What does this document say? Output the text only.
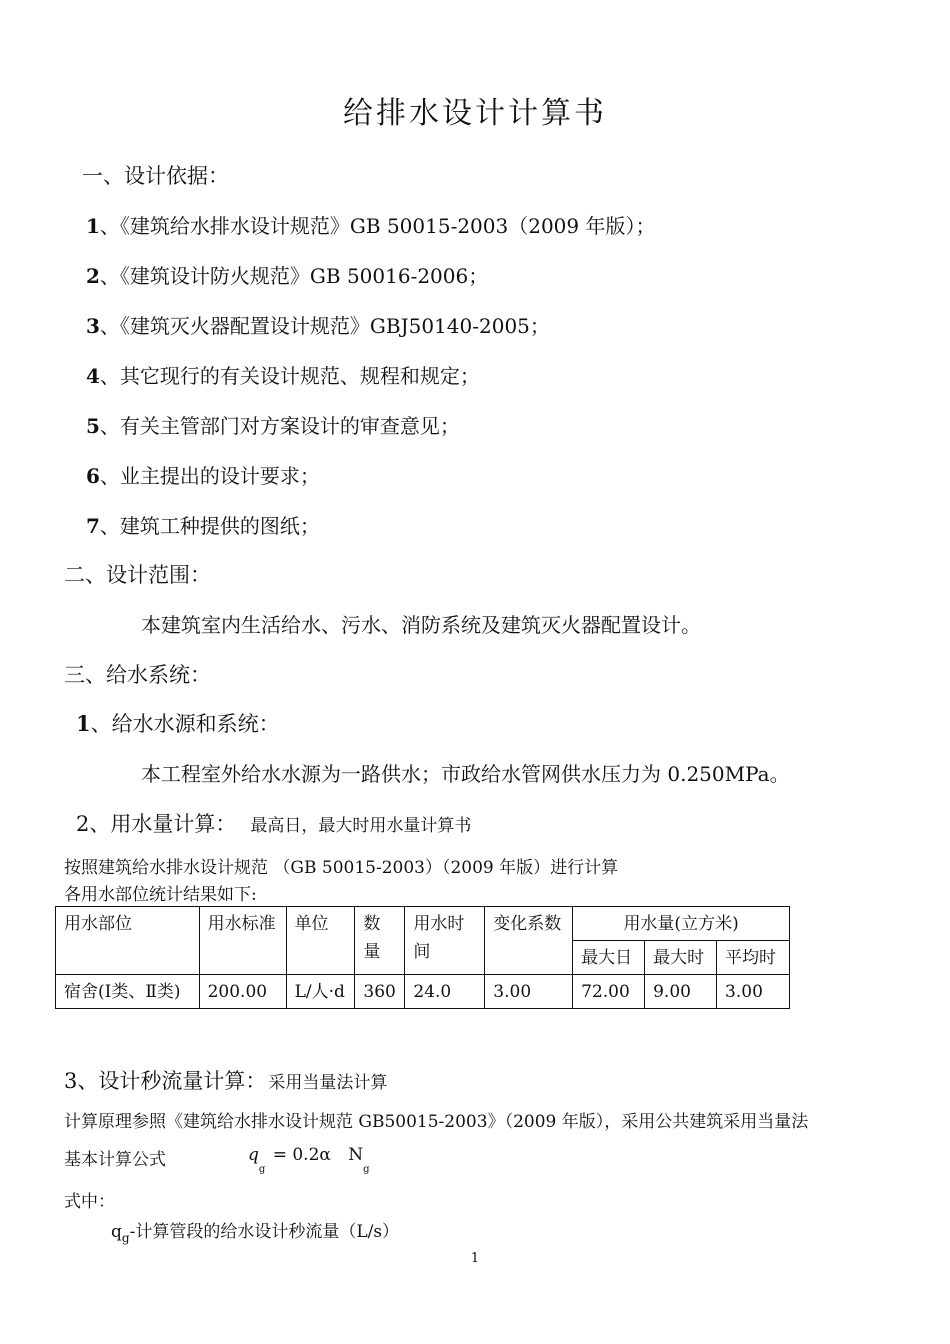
给排水设计计算书
一、设计依据：
1、《建筑给水排水设计规范》GB 50015-2003（2009 年版）；
2、《建筑设计防火规范》GB 50016-2006；
3、《建筑灭火器配置设计规范》GBJ50140-2005；
4、其它现行的有关设计规范、规程和规定；
5、有关主管部门对方案设计的审查意见；
6、业主提出的设计要求；
7、建筑工种提供的图纸；
二、设计范围：
本建筑室内生活给水、污水、消防系统及建筑灭火器配置设计。
三、给水系统：
1、给水水源和系统：
本工程室外给水水源为一路供水；市政给水管网供水压力为 0.250MPa。
2、用水量计算： 最高日，最大时用水量计算书
按照建筑给水排水设计规范 （GB 50015-2003）（2009 年版）进行计算
各用水部位统计结果如下:
用水部位	用水标准	单位	数量	用水时间	变化系数	用水量(立方米)		
						最大日	最大时	平均时
宿舍(Ⅰ类、Ⅱ类)	200.00	L/人·d	360	24.0	3.00	72.00	9.00	3.00
3、设计秒流量计算： 采用当量法计算
计算原理参照《建筑给水排水设计规范 GB50015-2003》（2009 年版），采用公共建筑采用当量法
基本计算公式	$q_g = 0.2\alpha$ $N_g$
式中：
$q_g-$计算管段的给水设计秒流量（L/s）
1
